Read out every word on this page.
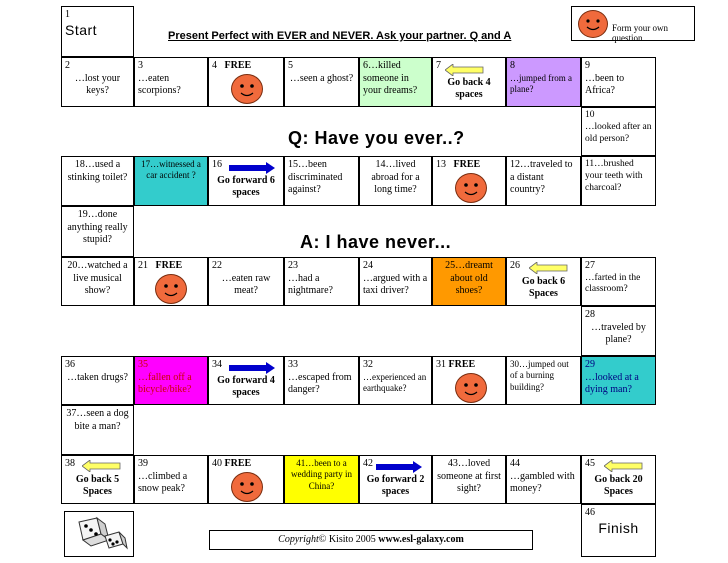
1
Start	Present Perfect with EVER and NEVER. Ask your partner. Q and A
Form your own question
2
…lost your keys?
3
…eaten scorpions?
4 FREE	5
…seen a ghost?
6…killed
someone in your dreams?
7
Go back 4 spaces
8
…jumped from a plane?
9
…been to Africa?
10
…looked after an old person?
Q: Have you ever..?
18…used a stinking toilet?
17…witnessed a car accident ?
16
Go forward 6 spaces
15…been discriminated against?
14…lived abroad for a long time?
13 FREE	12…traveled to a distant country?
11…brushed your teeth with charcoal?
19…done anything really stupid?	A: I have never...
20…watched a live musical show?
21 FREE	22
…eaten raw meat?
23
…had a nightmare?
24
…argued with a taxi driver?
25…dreamt about old shoes?
26
Go back 6 Spaces
27
…farted in the classroom?
28
…traveled by plane?
36
…taken drugs?
35
…fallen off a bicycle/bike?
34
Go forward 4 spaces
33
…escaped from danger?
32
…experienced an earthquake?
31 FREE	30…jumped out of a burning building?
29
…looked at a dying man?
37…seen a dog bite a man?
38
Go back 5 Spaces
39
…climbed a snow peak?
40 FREE	41…been to a wedding party in China?
42
Go forward 2 spaces
43…loved someone at first sight?
44
…gambled with money?
45
Go back 20 Spaces
46
Finish
Copyright© Kisito 2005 www.esl-galaxy.com
